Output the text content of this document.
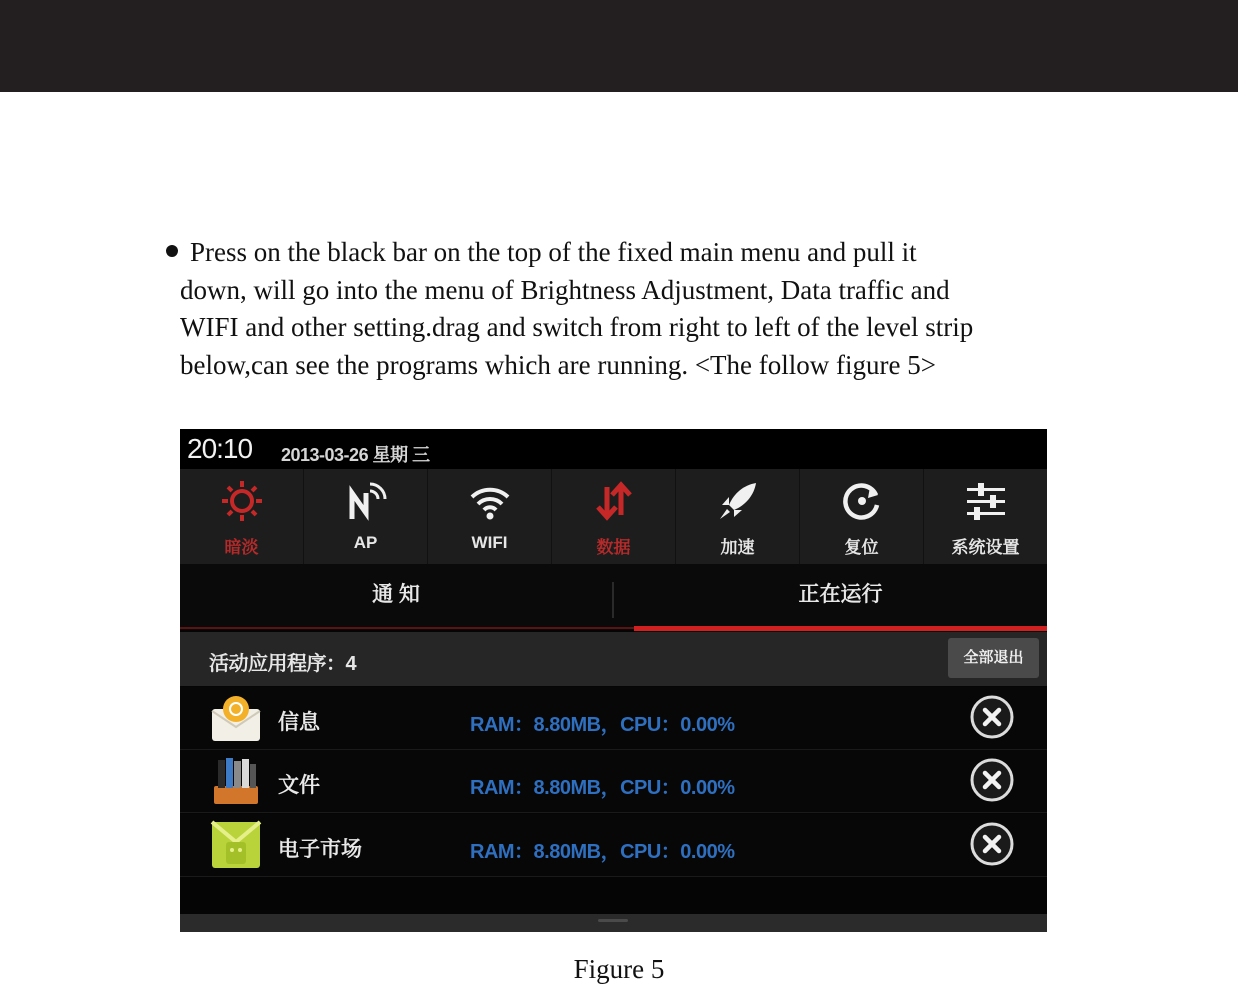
Press on the black bar on the top of the fixed main menu and pull it
down, will go into the menu of Brightness Adjustment, Data traffic and
WIFI and other setting.drag and switch from right to left of the level strip
below,can see the programs which are running. <The follow figure 5>

20:10 2013-03-26 星期 三
暗淡	AP	WIFI	数据	加速	复位	系统设置
通 知	正在运行
活动应用程序：4	全部退出
信息	RAM：8.80MB，CPU：0.00%
文件	RAM：8.80MB，CPU：0.00%
电子市场	RAM：8.80MB，CPU：0.00%
Figure 5
